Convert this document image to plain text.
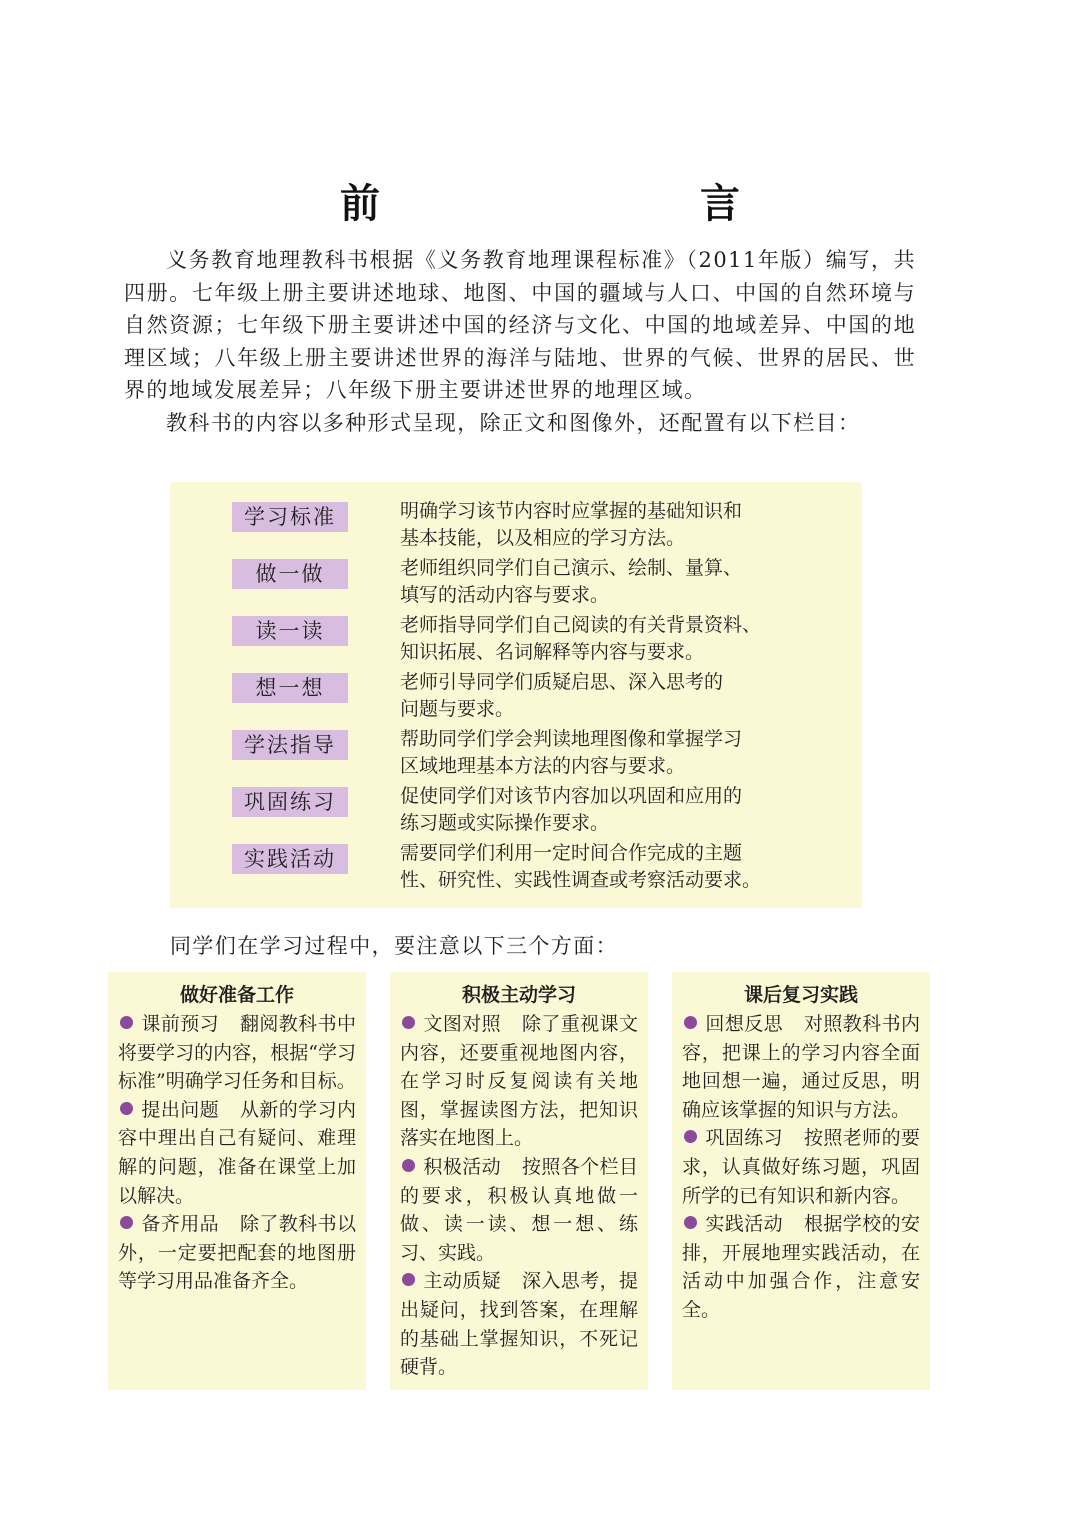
前　　言

义务教育地理教科书根据《义务教育地理课程标准》（2011年版）编写，共四册。七年级上册主要讲述地球、地图、中国的疆域与人口、中国的自然环境与自然资源；七年级下册主要讲述中国的经济与文化、中国的地域差异、中国的地理区域；八年级上册主要讲述世界的海洋与陆地、世界的气候、世界的居民、世界的地域发展差异；八年级下册主要讲述世界的地理区域。

教科书的内容以多种形式呈现，除正文和图像外，还配置有以下栏目：

学习标准	明确学习该节内容时应掌握的基础知识和
基本技能，以及相应的学习方法。
做一做	老师组织同学们自己演示、绘制、量算、
填写的活动内容与要求。
读一读	老师指导同学们自己阅读的有关背景资料、
知识拓展、名词解释等内容与要求。
想一想	老师引导同学们质疑启思、深入思考的
问题与要求。
学法指导	帮助同学们学会判读地理图像和掌握学习
区域地理基本方法的内容与要求。
巩固练习	促使同学们对该节内容加以巩固和应用的
练习题或实际操作要求。
实践活动	需要同学们利用一定时间合作完成的主题
性、研究性、实践性调查或考察活动要求。
同学们在学习过程中，要注意以下三个方面：
做好准备工作

课前预习 翻阅教科书中将要学习的内容，根据“学习标准”明确学习任务和目标。

提出问题 从新的学习内容中理出自己有疑问、难理解的问题，准备在课堂上加以解决。

备齐用品 除了教科书以外，一定要把配套的地图册等学习用品准备齐全。

积极主动学习

文图对照 除了重视课文内容，还要重视地图内容，在学习时反复阅读有关地图，掌握读图方法，把知识落实在地图上。

积极活动 按照各个栏目的要求，积极认真地做一做、读一读、想一想、练习、实践。

主动质疑 深入思考，提出疑问，找到答案，在理解的基础上掌握知识，不死记硬背。

课后复习实践

回想反思 对照教科书内容，把课上的学习内容全面地回想一遍，通过反思，明确应该掌握的知识与方法。

巩固练习 按照老师的要求，认真做好练习题，巩固所学的已有知识和新内容。

实践活动 根据学校的安排，开展地理实践活动，在活动中加强合作，注意安全。
